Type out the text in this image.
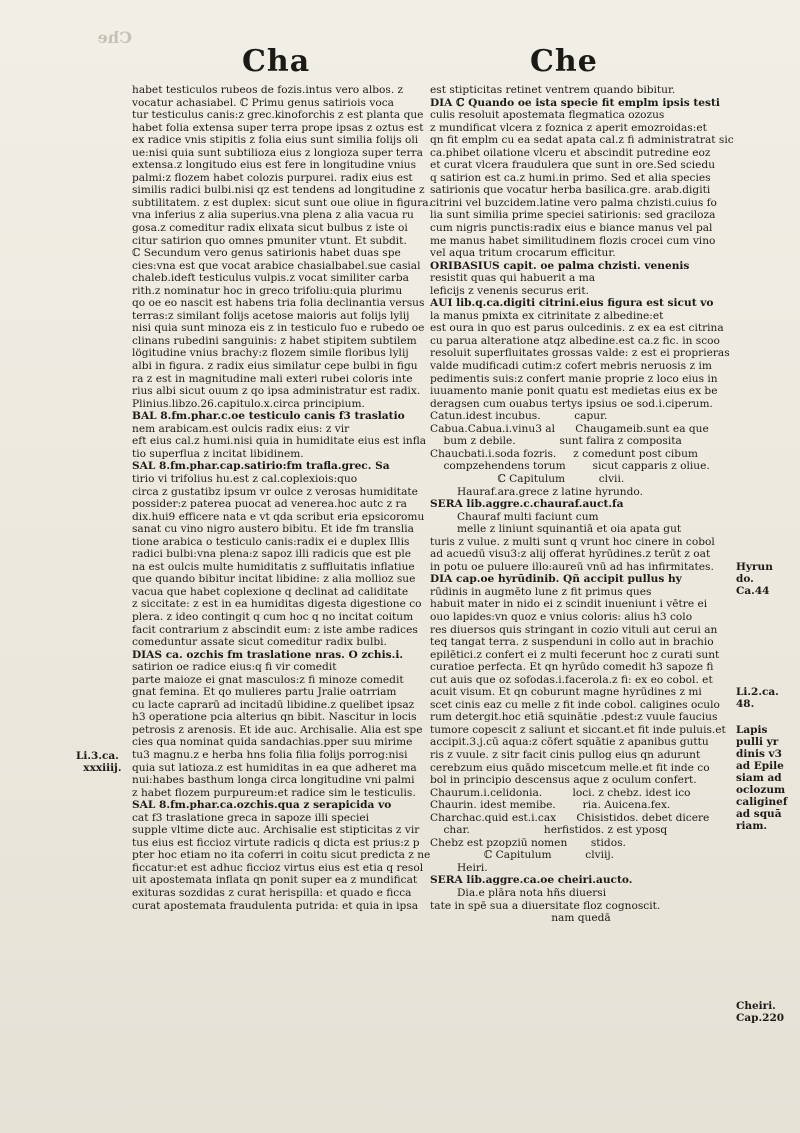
Che
Cha	Che
habet testiculos rubeos de fozis.intus vero albos. z
vocatur achasiabel. ℂ Primu genus satiriois voca
tur testiculus canis:z grec.kinoforchis z est planta que
habet folia extensa super terra prope ipsas z oztus est
ex radice vnis stipitis z folia eius sunt similia folijs oli
ue:nisi quia sunt subtilioza eius z longioza super terra
extensa.z longitudo eius est fere in longitudine vnius
palmi:z flozem habet colozis purpurei. radix eius est
similis radici bulbi.nisi qz est tendens ad longitudine z
subtilitatem. z est duplex: sicut sunt oue oliue in figura.
vna inferius z alia superius.vna plena z alia vacua ru
gosa.z comeditur radix elixata sicut bulbus z iste oi
citur satirion quo omnes pmuniter vtunt. Et subdit.
ℂ Secundum vero genus satirionis habet duas spe
cies:vna est que vocat arabice chasialbabel.sue casial
chaleb.ideft testiculus vulpis.z vocat similiter carba
rith.z nominatur hoc in greco trifoliu:quia plurimu
qo oe eo nascit est habens tria folia declinantia versus
terras:z similant folijs acetose maioris aut folijs lylij
nisi quia sunt minoza eis z in testiculo fuo e rubedo oe
clinans rubedini sanguinis: z habet stipitem subtilem
lögitudine vnius brachy:z flozem simile floribus lylij
albi in figura. z radix eius similatur cepe bulbi in figu
ra z est in magnitudine mali exteri rubei coloris inte
rius albi sicut ouum z qo ipsa administratur est radix.
Plinius.libzo.26.capitulo.x.circa principium.
BAL 8.fm.phar.c.oe testiculo canis f3 traslatio
nem arabicam.est oulcis radix eius: z vir
eft eius cal.z humi.nisi quia in humiditate eius est infla
tio superflua z incitat libidinem.
SAL 8.fm.phar.cap.satirio:fm trafla.grec. Sa
tirio vi trifolius hu.est z cal.coplexiois:quo
circa z gustatibz ipsum vr oulce z verosas humiditate
possider:z paterea puocat ad venerea.hoc autc z ra
dix.hui9 efficere nata e vt qda scribut eria epsicoromu
sanat cu vino nigro austero bibitu. Et ide fm translia
tione arabica o testiculo canis:radix ei e duplex Illis
radici bulbi:vna plena:z sapoz illi radicis que est ple
na est oulcis multe humiditatis z suffluitatis inflatiue
que quando bibitur incitat libidine: z alia mollioz sue
vacua que habet coplexione q declinat ad caliditate
z siccitate: z est in ea humiditas digesta digestione co
plera. z ideo contingit q cum hoc q no incitat coitum
facit contrarium z abscindit eum: z iste ambe radices
comeduntur assate sicut comeditur radix bulbi.
DIAS ca. ozchis fm traslatione nras. O zchis.i.
satirion oe radice eius:q fi vir comedit
parte maioze ei gnat masculos:z fi minoze comedit
gnat femina. Et qo mulieres partu Jralie oatrriam
cu lacte caprarū ad incitadū libidine.z quelibet ipsaz
h3 operatione pcia alterius qn bibit. Nascitur in locis
petrosis z arenosis. Et ide auc. Archisalie. Alia est spe
cies qua nominat quida sandachias.pper suu mirime
tu3 magnu.z e herba hns folia filia folijs porrog:nisi
quia sut latioza.z est humiditas in ea que adheret ma
nui:habes basthum longa circa longitudine vni palmi
z habet flozem purpureum:et radice sim le testiculis.
SAL 8.fm.phar.ca.ozchis.qua z serapicida vo
cat f3 traslatione greca in sapoze illi speciei
supple vltime dicte auc. Archisalie est stipticitas z vir
tus eius est ficcioz virtute radicis q dicta est prius:z p
pter hoc etiam no ita coferri in coitu sicut predicta z ne
ficcatur:et est adhuc ficcioz virtus eius est etia q resol
uit apostemata inflata qn ponit super ea z mundificat
exituras sozdidas z curat herispilla: et quado e ficca
curat apostemata fraudulenta putrida: et quia in ipsa
est stipticitas retinet ventrem quando bibitur.
DIA ℂ Quando oe ista specie fit emplm ipsis testi
culis resoluit apostemata flegmatica ozozus
z mundificat vlcera z foznica z aperit emozroidas:et
qn fit emplm cu ea sedat apata cal.z fi administratrat sic
ca.phibet oilatione vlceru et abscindit putredine eoz
et curat vlcera fraudulera que sunt in ore.Sed sciedu
q satirion est ca.z humi.in primo. Sed et alia species
satirionis que vocatur herba basilica.gre. arab.digiti
citrini vel buzcidem.latine vero palma chzisti.cuius fo
lia sunt similia prime speciei satirionis: sed graciloza
cum nigris punctis:radix eius e biance manus vel pal
me manus habet similitudinem flozis crocei cum vino
vel aqua tritum crocarum efficitur.
ORIBASIUS capit. oe palma chzisti. venenis
resistit quas qui habuerit a ma
leficijs z venenis securus erit.
AUI lib.q.ca.digiti citrini.eius figura est sicut vo
la manus pmixta ex citrinitate z albedine:et
est oura in quo est parus oulcedinis. z ex ea est citrina
cu parua alteratione atqz albedine.est ca.z fic. in scoo
resoluit superfluitates grossas valde: z est ei proprieras
valde mudificadi cutim:z cofert mebris neruosis z im
pedimentis suis:z confert manie proprie z loco eius in
iuuamento manie ponit quatu est medietas eius ex be
deragsen cum ouabus tertys ipsius oe sod.i.ciperum.
Catun.idest incubus.          capur.
Cabua.Cabua.i.vinu3 al      Chaugameib.sunt ea que
bum z debile.             sunt falira z composita
Chaucbati.i.soda fozris.     z comedunt post cibum
compzehendens torum        sicut capparis z oliue.
ℂ Capitulum          clvii.
Hauraf.ara.grece z latine hyrundo.
SERA lib.aggre.c.chauraf.auct.fa
Chauraf multi faciunt cum
melle z liniunt squinantiā et oia apata gut
turis z vulue. z multi sunt q vrunt hoc cinere in cobol
ad acuedū visu3:z alij offerat hyrūdines.z terūt z oat
in potu oe puluere illo:aureū vnū ad has infirmitates.
DIA cap.oe hyrūdinib. Qñ accipit pullus hy
rūdinis in augmēto lune z fit primus ques
habuit mater in nido ei z scindit inueniunt i vētre ei
ouo lapides:vn quoz e vnius coloris: alius h3 colo
res diuersos quis stringant in cozio vituli aut cerui an
teq tangat terra. z suspenduni in collo aut in brachio
epilētici.z confert ei z multi fecerunt hoc z curati sunt
curatioe perfecta. Et qn hyrūdo comedit h3 sapoze fi
cut auis que oz sofodas.i.facerola.z fi: ex eo cobol. et
acuit visum. Et qn coburunt magne hyrūdines z mi
scet cinis eaz cu melle z fit inde cobol. caligines oculo
rum detergit.hoc etiā squinātie .pdest:z vuule faucius
tumore copescit z saliunt et siccant.et fit inde puluis.et
accipit.3.j.cū aqua:z cōfert squātie z apanibus guttu
ris z vuule. z sitr facit cinis pullog eius qn adurunt
cerebzum eius quādo miscetcum melle.et fit inde co
bol in principio descensus aque z oculum confert.
Chaurum.i.celidonia.         loci. z chebz. idest ico
Chaurin. idest memibe.        ria. Auicena.fex.
Charchac.quid est.i.cax      Chisistidos. debet dicere
char.                      herfistidos. z est yposq
Chebz est pzopziū nomen       stidos.
ℂ Capitulum          clviij.
Heiri.
SERA lib.aggre.ca.oe cheiri.aucto.
Dia.e plāra nota hñs diuersi
tate in spē sua a diuersitate floz cognoscit.
nam quedā
Li.3.ca.
xxxiiij.
Hyrun
do.
Ca.44
Li.2.ca.
48.
Lapis
pulli yr
dinis v3
ad Epile
siam ad
oclozum
caliginef
ad squā
riam.
Cheiri.
Cap.220
